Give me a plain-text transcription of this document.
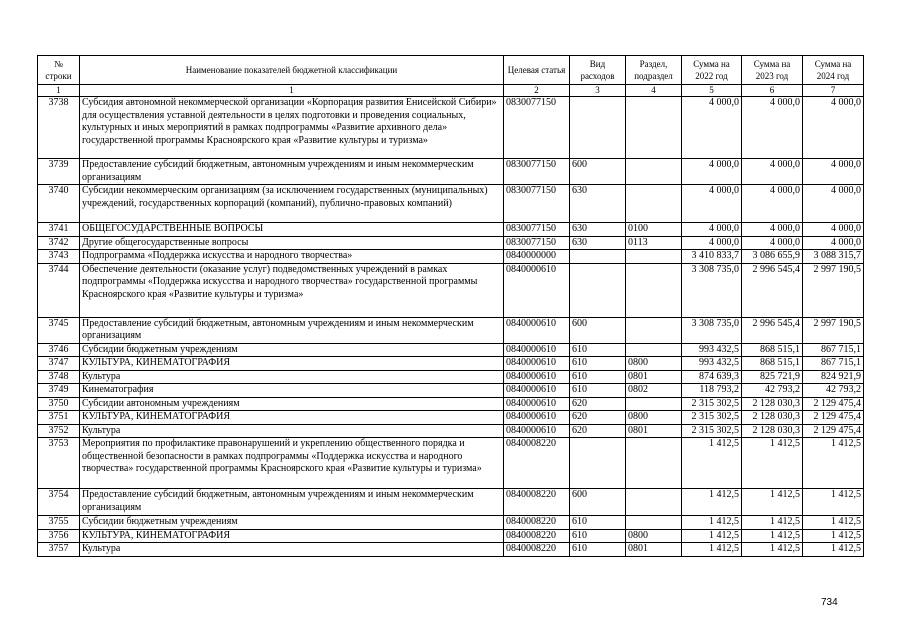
№ строки	Наименование показателей бюджетной классификации	Целевая статья	Вид расходов	Раздел, подраздел	Сумма на 2022 год	Сумма на 2023 год	Сумма на 2024 год
1	1	2	3	4	5	6	7
3738	Субсидия автономной некоммерческой организации «Корпорация развития Енисейской Сибири» для осуществления уставной деятельности в целях подготовки и проведения социальных, культурных и иных мероприятий в рамках подпрограммы «Развитие архивного дела» государственной программы Красноярского края «Развитие культуры и туризма»	0830077150			4 000,0	4 000,0	4 000,0
3739	Предоставление субсидий бюджетным, автономным учреждениям и иным некоммерческим организациям	0830077150	600		4 000,0	4 000,0	4 000,0
3740	Субсидии некоммерческим организациям (за исключением государственных (муниципальных) учреждений, государственных корпораций (компаний), публично-правовых компаний)	0830077150	630		4 000,0	4 000,0	4 000,0
3741	ОБЩЕГОСУДАРСТВЕННЫЕ ВОПРОСЫ	0830077150	630	0100	4 000,0	4 000,0	4 000,0
3742	Другие общегосударственные вопросы	0830077150	630	0113	4 000,0	4 000,0	4 000,0
3743	Подпрограмма «Поддержка искусства и народного творчества»	0840000000			3 410 833,7	3 086 655,9	3 088 315,7
3744	Обеспечение деятельности (оказание услуг) подведомственных учреждений в рамках подпрограммы «Поддержка искусства и народного творчества» государственной программы Красноярского края «Развитие культуры и туризма»	0840000610			3 308 735,0	2 996 545,4	2 997 190,5
3745	Предоставление субсидий бюджетным, автономным учреждениям и иным некоммерческим организациям	0840000610	600		3 308 735,0	2 996 545,4	2 997 190,5
3746	Субсидии бюджетным учреждениям	0840000610	610		993 432,5	868 515,1	867 715,1
3747	КУЛЬТУРА, КИНЕМАТОГРАФИЯ	0840000610	610	0800	993 432,5	868 515,1	867 715,1
3748	Культура	0840000610	610	0801	874 639,3	825 721,9	824 921,9
3749	Кинематография	0840000610	610	0802	118 793,2	42 793,2	42 793,2
3750	Субсидии автономным учреждениям	0840000610	620		2 315 302,5	2 128 030,3	2 129 475,4
3751	КУЛЬТУРА, КИНЕМАТОГРАФИЯ	0840000610	620	0800	2 315 302,5	2 128 030,3	2 129 475,4
3752	Культура	0840000610	620	0801	2 315 302,5	2 128 030,3	2 129 475,4
3753	Мероприятия по профилактике правонарушений и укреплению общественного порядка и общественной безопасности в рамках подпрограммы «Поддержка искусства и народного творчества» государственной программы Красноярского края «Развитие культуры и туризма»	0840008220			1 412,5	1 412,5	1 412,5
3754	Предоставление субсидий бюджетным, автономным учреждениям и иным некоммерческим организациям	0840008220	600		1 412,5	1 412,5	1 412,5
3755	Субсидии бюджетным учреждениям	0840008220	610		1 412,5	1 412,5	1 412,5
3756	КУЛЬТУРА, КИНЕМАТОГРАФИЯ	0840008220	610	0800	1 412,5	1 412,5	1 412,5
3757	Культура	0840008220	610	0801	1 412,5	1 412,5	1 412,5
734
